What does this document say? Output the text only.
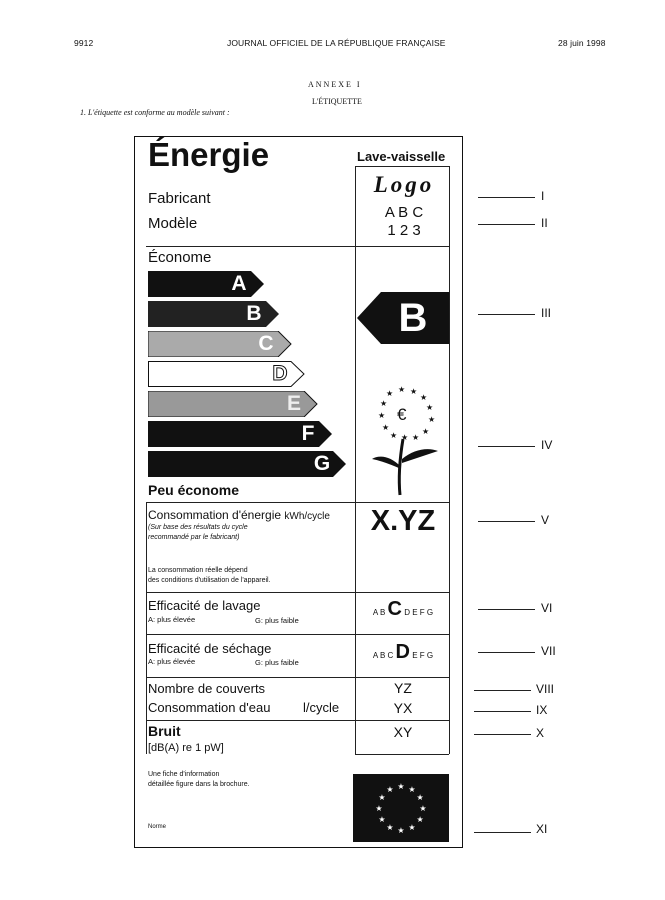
9912	JOURNAL OFFICIEL DE LA RÉPUBLIQUE FRANÇAISE	28 juin 1998
ANNEXE I
L'ÉTIQUETTE
1. L'étiquette est conforme au modèle suivant :
Énergie	Lave-vaisselle
Fabricant
Modèle
Logo
A B C
1 2 3
Économe
A
B
C
D
E
F
G
Peu économe
B
★ ★
★	★
★	★
★	★
★	★
★ ★
★
€
Consommation d'énergie kWh/cycle
(Sur base des résultats du cycle
recommandé par le fabricant)
La consommation réelle dépend
des conditions d'utilisation de l'appareil.
X.YZ
Efficacité de lavage
A: plus élevée	G: plus faible
A B C D E F G
Efficacité de séchage
A: plus élevée	G: plus faible
A B C D E F G
Nombre de couverts	YZ
Consommation d'eau	l/cycle	YX
Bruit
[dB(A) re 1 pW]
XY
Une fiche d'information
détaillée figure dans la brochure.
Norme
★ ★
★
★
★
★
★
★
★
★
★
★
I
II
III
IV
V
VI
VII
VIII
IX
X
XI
